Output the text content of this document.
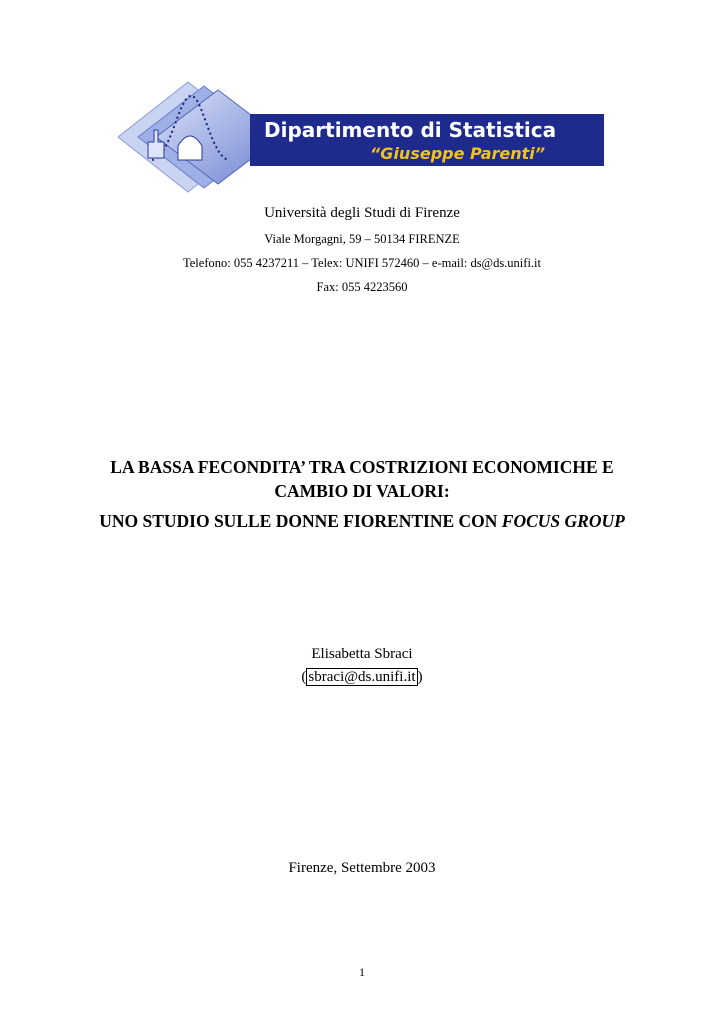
Dipartimento di Statistica
“Giuseppe Parenti”
Università degli Studi di Firenze
Viale Morgagni, 59 – 50134 FIRENZE
Telefono: 055 4237211 – Telex: UNIFI 572460 – e-mail: ds@ds.unifi.it
Fax: 055 4223560
LA BASSA FECONDITA’ TRA COSTRIZIONI ECONOMICHE E
CAMBIO DI VALORI:
UNO STUDIO SULLE DONNE FIORENTINE CON FOCUS GROUP
Elisabetta Sbraci
( sbraci@ds.unifi.it )
Firenze, Settembre 2003
1
